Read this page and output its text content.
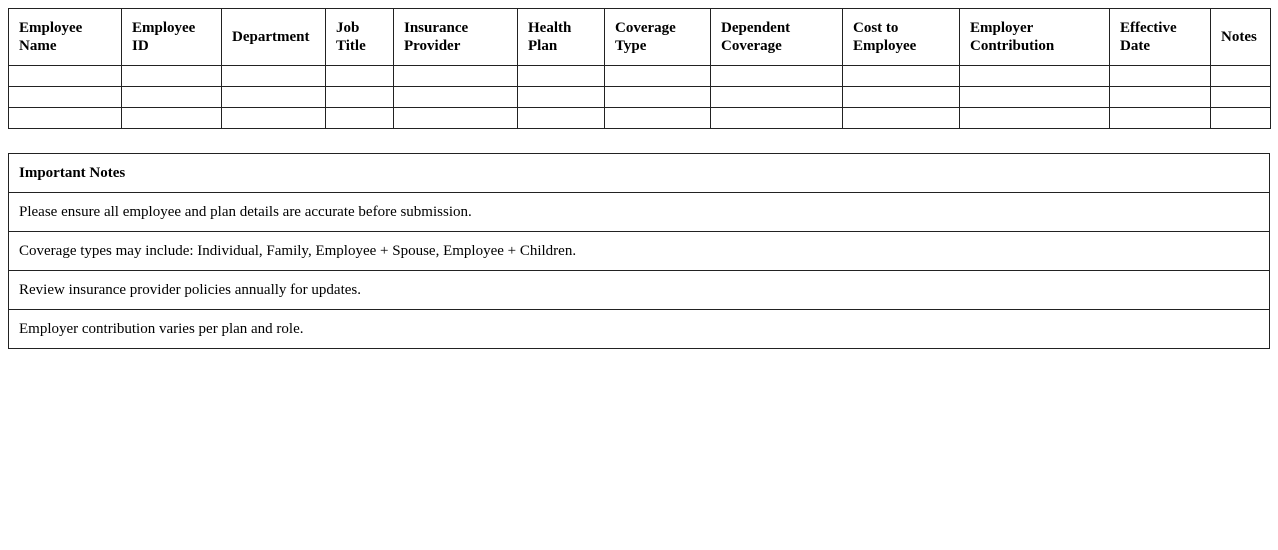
Employee Name	Employee ID	Department	Job Title	Insurance Provider	Health Plan	Coverage Type	Dependent Coverage	Cost to Employee	Employer Contribution	Effective Date	Notes

Important Notes
Please ensure all employee and plan details are accurate before submission.
Coverage types may include: Individual, Family, Employee + Spouse, Employee + Children.
Review insurance provider policies annually for updates.
Employer contribution varies per plan and role.
